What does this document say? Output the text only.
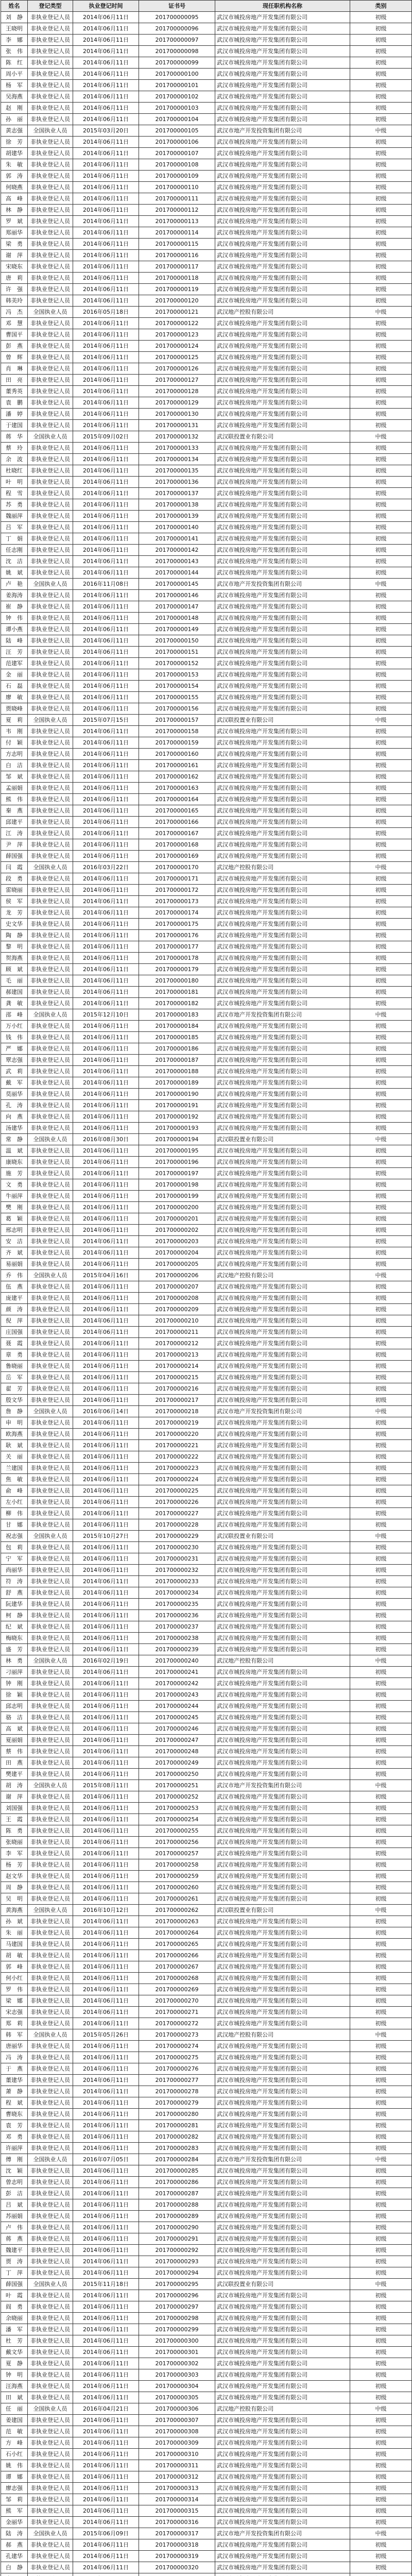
姓名	登记类型	执业登记时间	证书号	现任职机构名称	类别
刘　静	非执业登记人员	2014年06月11日	201700000095	武汉市城投房地产开发集团有限公司	初级
王晓明	非执业登记人员	2014年06月11日	201700000096	武汉市城投房地产开发集团有限公司	初级
李　娜	非执业登记人员	2014年06月11日	201700000097	武汉市城投房地产开发集团有限公司	初级
张　伟	非执业登记人员	2014年06月11日	201700000098	武汉市城投房地产开发集团有限公司	初级
陈　红	非执业登记人员	2014年06月11日	201700000099	武汉市城投房地产开发集团有限公司	初级
周小平	非执业登记人员	2014年06月11日	201700000100	武汉市城投房地产开发集团有限公司	初级
杨　军	非执业登记人员	2014年06月11日	201700000101	武汉市城投房地产开发集团有限公司	初级
吴海燕	非执业登记人员	2014年06月11日	201700000102	武汉市城投房地产开发集团有限公司	初级
赵　刚	非执业登记人员	2014年06月11日	201700000103	武汉市城投房地产开发集团有限公司	初级
孙　丽	非执业登记人员	2014年06月11日	201700000104	武汉市城投房地产开发集团有限公司	初级
黄志强	全国执业人员	2015年03月20日	201700000105	武汉市地产开发投资集团有限公司	中级
徐　芳	非执业登记人员	2014年06月11日	201700000106	武汉市城投房地产开发集团有限公司	初级
胡建华	非执业登记人员	2014年06月11日	201700000107	武汉市城投房地产开发集团有限公司	初级
朱　敏	非执业登记人员	2014年06月11日	201700000108	武汉市城投房地产开发集团有限公司	初级
郭　涛	非执业登记人员	2014年06月11日	201700000109	武汉市城投房地产开发集团有限公司	初级
何晓燕	非执业登记人员	2014年06月11日	201700000110	武汉市城投房地产开发集团有限公司	初级
高　峰	非执业登记人员	2014年06月11日	201700000111	武汉市城投房地产开发集团有限公司	初级
林　静	非执业登记人员	2014年06月11日	201700000112	武汉市城投房地产开发集团有限公司	初级
罗　斌	非执业登记人员	2014年06月11日	201700000113	武汉市城投房地产开发集团有限公司	初级
郑丽华	非执业登记人员	2014年06月11日	201700000114	武汉市城投房地产开发集团有限公司	初级
梁　勇	非执业登记人员	2014年06月11日	201700000115	武汉市城投房地产开发集团有限公司	初级
谢　萍	非执业登记人员	2014年06月11日	201700000116	武汉市城投房地产开发集团有限公司	初级
宋晓东	非执业登记人员	2014年06月11日	201700000117	武汉市城投房地产开发集团有限公司	初级
唐　莉	非执业登记人员	2014年06月11日	201700000118	武汉市城投房地产开发集团有限公司	初级
许　强	非执业登记人员	2014年06月11日	201700000119	武汉市城投房地产开发集团有限公司	初级
韩美玲	非执业登记人员	2014年06月11日	201700000120	武汉市城投房地产开发集团有限公司	初级
冯　杰	全国执业人员	2016年05月18日	201700000121	武汉地产控股有限公司	中级
邓　慧	非执业登记人员	2014年06月11日	201700000122	武汉市城投房地产开发集团有限公司	初级
曹国平	非执业登记人员	2014年06月11日	201700000123	武汉市城投房地产开发集团有限公司	初级
彭　燕	非执业登记人员	2014年06月11日	201700000124	武汉市城投房地产开发集团有限公司	初级
曾　辉	非执业登记人员	2014年06月11日	201700000125	武汉市城投房地产开发集团有限公司	初级
肖　琳	非执业登记人员	2014年06月11日	201700000126	武汉市城投房地产开发集团有限公司	初级
田　亮	非执业登记人员	2014年06月11日	201700000127	武汉市城投房地产开发集团有限公司	初级
董秀英	非执业登记人员	2014年06月11日	201700000128	武汉市城投房地产开发集团有限公司	初级
袁　鹏	非执业登记人员	2014年06月11日	201700000129	武汉市城投房地产开发集团有限公司	初级
潘　婷	非执业登记人员	2014年06月11日	201700000130	武汉市城投房地产开发集团有限公司	初级
于建国	非执业登记人员	2014年06月11日	201700000131	武汉市城投房地产开发集团有限公司	初级
蒋　华	全国执业人员	2015年09月02日	201700000132	武汉联投置业有限公司	中级
蔡　玲	非执业登记人员	2014年06月11日	201700000133	武汉市城投房地产开发集团有限公司	初级
余　波	非执业登记人员	2014年06月11日	201700000134	武汉市城投房地产开发集团有限公司	初级
杜晓红	非执业登记人员	2014年06月11日	201700000135	武汉市城投房地产开发集团有限公司	初级
叶　明	非执业登记人员	2014年06月11日	201700000136	武汉市城投房地产开发集团有限公司	初级
程　雪	非执业登记人员	2014年06月11日	201700000137	武汉市城投房地产开发集团有限公司	初级
苏　勇	非执业登记人员	2014年06月11日	201700000138	武汉市城投房地产开发集团有限公司	初级
魏丽萍	非执业登记人员	2014年06月11日	201700000139	武汉市城投房地产开发集团有限公司	初级
吕　军	非执业登记人员	2014年06月11日	201700000140	武汉市城投房地产开发集团有限公司	初级
丁　娟	非执业登记人员	2014年06月11日	201700000141	武汉市城投房地产开发集团有限公司	初级
任志刚	非执业登记人员	2014年06月11日	201700000142	武汉市城投房地产开发集团有限公司	初级
沈　洁	非执业登记人员	2014年06月11日	201700000143	武汉市城投房地产开发集团有限公司	初级
姚　斌	非执业登记人员	2014年06月11日	201700000144	武汉市城投房地产开发集团有限公司	初级
卢　艳	全国执业人员	2016年11月08日	201700000145	武汉市地产开发投资集团有限公司	中级
姜海涛	非执业登记人员	2014年06月11日	201700000146	武汉市城投房地产开发集团有限公司	初级
崔　静	非执业登记人员	2014年06月11日	201700000147	武汉市城投房地产开发集团有限公司	初级
钟　伟	非执业登记人员	2014年06月11日	201700000148	武汉市城投房地产开发集团有限公司	初级
谭小燕	非执业登记人员	2014年06月11日	201700000149	武汉市城投房地产开发集团有限公司	初级
陆　峰	非执业登记人员	2014年06月11日	201700000150	武汉市城投房地产开发集团有限公司	初级
汪　芳	非执业登记人员	2014年06月11日	201700000151	武汉市城投房地产开发集团有限公司	初级
范建军	非执业登记人员	2014年06月11日	201700000152	武汉市城投房地产开发集团有限公司	初级
金　丽	非执业登记人员	2014年06月11日	201700000153	武汉市城投房地产开发集团有限公司	初级
石　磊	非执业登记人员	2014年06月11日	201700000154	武汉市城投房地产开发集团有限公司	初级
廖　敏	非执业登记人员	2014年06月11日	201700000155	武汉市城投房地产开发集团有限公司	初级
贾晓峰	非执业登记人员	2014年06月11日	201700000156	武汉市城投房地产开发集团有限公司	初级
夏　莉	全国执业人员	2015年07月15日	201700000157	武汉联投置业有限公司	中级
韦　刚	非执业登记人员	2014年06月11日	201700000158	武汉市城投房地产开发集团有限公司	初级
付　颖	非执业登记人员	2014年06月11日	201700000159	武汉市城投房地产开发集团有限公司	初级
方志明	非执业登记人员	2014年06月11日	201700000160	武汉市城投房地产开发集团有限公司	初级
白　洁	非执业登记人员	2014年06月11日	201700000161	武汉市城投房地产开发集团有限公司	初级
邹　斌	非执业登记人员	2014年06月11日	201700000162	武汉市城投房地产开发集团有限公司	初级
孟丽娟	非执业登记人员	2014年06月11日	201700000163	武汉市城投房地产开发集团有限公司	初级
熊　伟	非执业登记人员	2014年06月11日	201700000164	武汉市城投房地产开发集团有限公司	初级
秦　燕	非执业登记人员	2014年06月11日	201700000165	武汉市城投房地产开发集团有限公司	初级
邱建平	非执业登记人员	2014年06月11日	201700000166	武汉市城投房地产开发集团有限公司	初级
江　涛	非执业登记人员	2014年06月11日	201700000167	武汉市城投房地产开发集团有限公司	初级
尹　萍	非执业登记人员	2014年06月11日	201700000168	武汉市城投房地产开发集团有限公司	初级
薛国强	非执业登记人员	2014年06月11日	201700000169	武汉市城投房地产开发集团有限公司	初级
闫　霞	全国执业人员	2016年03月22日	201700000170	武汉地产控股有限公司	中级
段　勇	非执业登记人员	2014年06月11日	201700000171	武汉市城投房地产开发集团有限公司	初级
雷晓丽	非执业登记人员	2014年06月11日	201700000172	武汉市城投房地产开发集团有限公司	初级
侯　军	非执业登记人员	2014年06月11日	201700000173	武汉市城投房地产开发集团有限公司	初级
龙　芳	非执业登记人员	2014年06月11日	201700000174	武汉市城投房地产开发集团有限公司	初级
史文华	非执业登记人员	2014年06月11日	201700000175	武汉市城投房地产开发集团有限公司	初级
陶　静	非执业登记人员	2014年06月11日	201700000176	武汉市城投房地产开发集团有限公司	初级
黎　明	非执业登记人员	2014年06月11日	201700000177	武汉市城投房地产开发集团有限公司	初级
贺海燕	非执业登记人员	2014年06月11日	201700000178	武汉市城投房地产开发集团有限公司	初级
顾　斌	非执业登记人员	2014年06月11日	201700000179	武汉市城投房地产开发集团有限公司	初级
毛　丽	非执业登记人员	2014年06月11日	201700000180	武汉市城投房地产开发集团有限公司	初级
郝建国	非执业登记人员	2014年06月11日	201700000181	武汉市城投房地产开发集团有限公司	初级
龚　敏	非执业登记人员	2014年06月11日	201700000182	武汉市城投房地产开发集团有限公司	初级
邵　峰	全国执业人员	2015年12月10日	201700000183	武汉市地产开发投资集团有限公司	中级
万小红	非执业登记人员	2014年06月11日	201700000184	武汉市城投房地产开发集团有限公司	初级
钱　伟	非执业登记人员	2014年06月11日	201700000185	武汉市城投房地产开发集团有限公司	初级
严　娜	非执业登记人员	2014年06月11日	201700000186	武汉市城投房地产开发集团有限公司	初级
覃志强	非执业登记人员	2014年06月11日	201700000187	武汉市城投房地产开发集团有限公司	初级
武　莉	非执业登记人员	2014年06月11日	201700000188	武汉市城投房地产开发集团有限公司	初级
戴　军	非执业登记人员	2014年06月11日	201700000189	武汉市城投房地产开发集团有限公司	初级
莫丽华	非执业登记人员	2014年06月11日	201700000190	武汉市城投房地产开发集团有限公司	初级
孔　涛	非执业登记人员	2014年06月11日	201700000191	武汉市城投房地产开发集团有限公司	初级
向　燕	非执业登记人员	2014年06月11日	201700000192	武汉市城投房地产开发集团有限公司	初级
汤建华	非执业登记人员	2014年06月11日	201700000193	武汉市城投房地产开发集团有限公司	初级
常　静	全国执业人员	2016年08月30日	201700000194	武汉联投置业有限公司	中级
温　斌	非执业登记人员	2014年06月11日	201700000195	武汉市城投房地产开发集团有限公司	初级
康晓东	非执业登记人员	2014年06月11日	201700000196	武汉市城投房地产开发集团有限公司	初级
施　芳	非执业登记人员	2014年06月11日	201700000197	武汉市城投房地产开发集团有限公司	初级
文　勇	非执业登记人员	2014年06月11日	201700000198	武汉市城投房地产开发集团有限公司	初级
牛丽萍	非执业登记人员	2014年06月11日	201700000199	武汉市城投房地产开发集团有限公司	初级
樊　刚	非执业登记人员	2014年06月11日	201700000200	武汉市城投房地产开发集团有限公司	初级
葛　颖	非执业登记人员	2014年06月11日	201700000201	武汉市城投房地产开发集团有限公司	初级
邢志明	非执业登记人员	2014年06月11日	201700000202	武汉市城投房地产开发集团有限公司	初级
安　洁	非执业登记人员	2014年06月11日	201700000203	武汉市城投房地产开发集团有限公司	初级
齐　斌	非执业登记人员	2014年06月11日	201700000204	武汉市城投房地产开发集团有限公司	初级
易丽娟	非执业登记人员	2014年06月11日	201700000205	武汉市城投房地产开发集团有限公司	初级
乔　伟	全国执业人员	2015年04月16日	201700000206	武汉地产控股有限公司	中级
伍　燕	非执业登记人员	2014年06月11日	201700000207	武汉市城投房地产开发集团有限公司	初级
庞建平	非执业登记人员	2014年06月11日	201700000208	武汉市城投房地产开发集团有限公司	初级
颜　涛	非执业登记人员	2014年06月11日	201700000209	武汉市城投房地产开发集团有限公司	初级
倪　萍	非执业登记人员	2014年06月11日	201700000210	武汉市城投房地产开发集团有限公司	初级
庄国强	非执业登记人员	2014年06月11日	201700000211	武汉市城投房地产开发集团有限公司	初级
聂　霞	非执业登记人员	2014年06月11日	201700000212	武汉市城投房地产开发集团有限公司	初级
章　勇	非执业登记人员	2014年06月11日	201700000213	武汉市城投房地产开发集团有限公司	初级
鲁晓丽	非执业登记人员	2014年06月11日	201700000214	武汉市城投房地产开发集团有限公司	初级
岳　军	非执业登记人员	2014年06月11日	201700000215	武汉市城投房地产开发集团有限公司	初级
翟　芳	非执业登记人员	2014年06月11日	201700000216	武汉市城投房地产开发集团有限公司	初级
殷文华	非执业登记人员	2014年06月11日	201700000217	武汉市城投房地产开发集团有限公司	初级
詹　静	全国执业人员	2016年06月14日	201700000218	武汉市地产开发投资集团有限公司	中级
申　明	非执业登记人员	2014年06月11日	201700000219	武汉市城投房地产开发集团有限公司	初级
欧海燕	非执业登记人员	2014年06月11日	201700000220	武汉市城投房地产开发集团有限公司	初级
耿　斌	非执业登记人员	2014年06月11日	201700000221	武汉市城投房地产开发集团有限公司	初级
关　丽	非执业登记人员	2014年06月11日	201700000222	武汉市城投房地产开发集团有限公司	初级
兰建国	非执业登记人员	2014年06月11日	201700000223	武汉市城投房地产开发集团有限公司	初级
焦　敏	非执业登记人员	2014年06月11日	201700000224	武汉市城投房地产开发集团有限公司	初级
俞　峰	非执业登记人员	2014年06月11日	201700000225	武汉市城投房地产开发集团有限公司	初级
左小红	非执业登记人员	2014年06月11日	201700000226	武汉市城投房地产开发集团有限公司	初级
柳　伟	非执业登记人员	2014年06月11日	201700000227	武汉市城投房地产开发集团有限公司	初级
甘　娜	非执业登记人员	2014年06月11日	201700000228	武汉市城投房地产开发集团有限公司	初级
祝志强	全国执业人员	2015年10月27日	201700000229	武汉联投置业有限公司	中级
包　莉	非执业登记人员	2014年06月11日	201700000230	武汉市城投房地产开发集团有限公司	初级
宁　军	非执业登记人员	2014年06月11日	201700000231	武汉市城投房地产开发集团有限公司	初级
尚丽华	非执业登记人员	2014年06月11日	201700000232	武汉市城投房地产开发集团有限公司	初级
符　涛	非执业登记人员	2014年06月11日	201700000233	武汉市城投房地产开发集团有限公司	初级
舒　燕	非执业登记人员	2014年06月11日	201700000234	武汉市城投房地产开发集团有限公司	初级
阮建华	非执业登记人员	2014年06月11日	201700000235	武汉市城投房地产开发集团有限公司	初级
柯　静	非执业登记人员	2014年06月11日	201700000236	武汉市城投房地产开发集团有限公司	初级
纪　斌	非执业登记人员	2014年06月11日	201700000237	武汉市城投房地产开发集团有限公司	初级
梅晓东	非执业登记人员	2014年06月11日	201700000238	武汉市城投房地产开发集团有限公司	初级
盛　芳	非执业登记人员	2014年06月11日	201700000239	武汉市城投房地产开发集团有限公司	初级
林　勇	全国执业人员	2016年02月19日	201700000240	武汉地产控股有限公司	中级
刁丽萍	非执业登记人员	2014年06月11日	201700000241	武汉市城投房地产开发集团有限公司	初级
钟　刚	非执业登记人员	2014年06月11日	201700000242	武汉市城投房地产开发集团有限公司	初级
徐　颖	非执业登记人员	2014年06月11日	201700000243	武汉市城投房地产开发集团有限公司	初级
邱志明	非执业登记人员	2014年06月11日	201700000244	武汉市城投房地产开发集团有限公司	初级
骆　洁	非执业登记人员	2014年06月11日	201700000245	武汉市城投房地产开发集团有限公司	初级
高　斌	非执业登记人员	2014年06月11日	201700000246	武汉市城投房地产开发集团有限公司	初级
夏丽娟	非执业登记人员	2014年06月11日	201700000247	武汉市城投房地产开发集团有限公司	初级
蔡　伟	非执业登记人员	2014年06月11日	201700000248	武汉市城投房地产开发集团有限公司	初级
田　燕	非执业登记人员	2014年06月11日	201700000249	武汉市城投房地产开发集团有限公司	初级
樊建平	非执业登记人员	2014年06月11日	201700000250	武汉市城投房地产开发集团有限公司	初级
胡　涛	全国执业人员	2015年08月11日	201700000251	武汉市地产开发投资集团有限公司	中级
谢　萍	非执业登记人员	2014年06月11日	201700000252	武汉市城投房地产开发集团有限公司	初级
刘国强	非执业登记人员	2014年06月11日	201700000253	武汉市城投房地产开发集团有限公司	初级
王　霞	非执业登记人员	2014年06月11日	201700000254	武汉市城投房地产开发集团有限公司	初级
陈　勇	非执业登记人员	2014年06月11日	201700000255	武汉市城投房地产开发集团有限公司	初级
张晓丽	非执业登记人员	2014年06月11日	201700000256	武汉市城投房地产开发集团有限公司	初级
李　军	非执业登记人员	2014年06月11日	201700000257	武汉市城投房地产开发集团有限公司	初级
杨　芳	非执业登记人员	2014年06月11日	201700000258	武汉市城投房地产开发集团有限公司	初级
赵文华	非执业登记人员	2014年06月11日	201700000259	武汉市城投房地产开发集团有限公司	初级
周　静	非执业登记人员	2014年06月11日	201700000260	武汉市城投房地产开发集团有限公司	初级
吴　明	非执业登记人员	2014年06月11日	201700000261	武汉市城投房地产开发集团有限公司	初级
黄海燕	全国执业人员	2016年10月12日	201700000262	武汉联投置业有限公司	中级
孙　斌	非执业登记人员	2014年06月11日	201700000263	武汉市城投房地产开发集团有限公司	初级
朱　丽	非执业登记人员	2014年06月11日	201700000264	武汉市城投房地产开发集团有限公司	初级
马建国	非执业登记人员	2014年06月11日	201700000265	武汉市城投房地产开发集团有限公司	初级
胡　敏	非执业登记人员	2014年06月11日	201700000266	武汉市城投房地产开发集团有限公司	初级
郭　峰	非执业登记人员	2014年06月11日	201700000267	武汉市城投房地产开发集团有限公司	初级
何小红	非执业登记人员	2014年06月11日	201700000268	武汉市城投房地产开发集团有限公司	初级
罗　伟	非执业登记人员	2014年06月11日	201700000269	武汉市城投房地产开发集团有限公司	初级
梁　娜	非执业登记人员	2014年06月11日	201700000270	武汉市城投房地产开发集团有限公司	初级
宋志强	非执业登记人员	2014年06月11日	201700000271	武汉市城投房地产开发集团有限公司	初级
郑　莉	非执业登记人员	2014年06月11日	201700000272	武汉市城投房地产开发集团有限公司	初级
韩　军	全国执业人员	2015年05月26日	201700000273	武汉地产控股有限公司	中级
唐丽华	非执业登记人员	2014年06月11日	201700000274	武汉市城投房地产开发集团有限公司	初级
冯　涛	非执业登记人员	2014年06月11日	201700000275	武汉市城投房地产开发集团有限公司	初级
于　燕	非执业登记人员	2014年06月11日	201700000276	武汉市城投房地产开发集团有限公司	初级
董建华	非执业登记人员	2014年06月11日	201700000277	武汉市城投房地产开发集团有限公司	初级
萧　静	非执业登记人员	2014年06月11日	201700000278	武汉市城投房地产开发集团有限公司	初级
程　斌	非执业登记人员	2014年06月11日	201700000279	武汉市城投房地产开发集团有限公司	初级
曹晓东	非执业登记人员	2014年06月11日	201700000280	武汉市城投房地产开发集团有限公司	初级
袁　芳	非执业登记人员	2014年06月11日	201700000281	武汉市城投房地产开发集团有限公司	初级
邓　勇	非执业登记人员	2014年06月11日	201700000282	武汉市城投房地产开发集团有限公司	初级
许丽萍	非执业登记人员	2014年06月11日	201700000283	武汉市城投房地产开发集团有限公司	初级
傅　刚	全国执业人员	2016年07月05日	201700000284	武汉市地产开发投资集团有限公司	中级
沈　颖	非执业登记人员	2014年06月11日	201700000285	武汉市城投房地产开发集团有限公司	初级
曾志明	非执业登记人员	2014年06月11日	201700000286	武汉市城投房地产开发集团有限公司	初级
彭　洁	非执业登记人员	2014年06月11日	201700000287	武汉市城投房地产开发集团有限公司	初级
吕　斌	非执业登记人员	2014年06月11日	201700000288	武汉市城投房地产开发集团有限公司	初级
苏丽娟	非执业登记人员	2014年06月11日	201700000289	武汉市城投房地产开发集团有限公司	初级
卢　伟	非执业登记人员	2014年06月11日	201700000290	武汉市城投房地产开发集团有限公司	初级
蒋　燕	非执业登记人员	2014年06月11日	201700000291	武汉市城投房地产开发集团有限公司	初级
魏建平	非执业登记人员	2014年06月11日	201700000292	武汉市城投房地产开发集团有限公司	初级
贾　涛	非执业登记人员	2014年06月11日	201700000293	武汉市城投房地产开发集团有限公司	初级
丁　萍	非执业登记人员	2014年06月11日	201700000294	武汉市城投房地产开发集团有限公司	初级
薛国强	全国执业人员	2015年11月18日	201700000295	武汉联投置业有限公司	中级
叶　霞	非执业登记人员	2014年06月11日	201700000296	武汉市城投房地产开发集团有限公司	初级
阎　勇	非执业登记人员	2014年06月11日	201700000297	武汉市城投房地产开发集团有限公司	初级
余晓丽	非执业登记人员	2014年06月11日	201700000298	武汉市城投房地产开发集团有限公司	初级
潘　军	非执业登记人员	2014年06月11日	201700000299	武汉市城投房地产开发集团有限公司	初级
杜　芳	非执业登记人员	2014年06月11日	201700000300	武汉市城投房地产开发集团有限公司	初级
戴文华	非执业登记人员	2014年06月11日	201700000301	武汉市城投房地产开发集团有限公司	初级
夏　静	非执业登记人员	2014年06月11日	201700000302	武汉市城投房地产开发集团有限公司	初级
钟　明	非执业登记人员	2014年06月11日	201700000303	武汉市城投房地产开发集团有限公司	初级
汪海燕	非执业登记人员	2014年06月11日	201700000304	武汉市城投房地产开发集团有限公司	初级
田　斌	非执业登记人员	2014年06月11日	201700000305	武汉市城投房地产开发集团有限公司	初级
任　丽	全国执业人员	2016年04月21日	201700000306	武汉地产控股有限公司	中级
姜建国	非执业登记人员	2014年06月11日	201700000307	武汉市城投房地产开发集团有限公司	初级
范　敏	非执业登记人员	2014年06月11日	201700000308	武汉市城投房地产开发集团有限公司	初级
方　峰	非执业登记人员	2014年06月11日	201700000309	武汉市城投房地产开发集团有限公司	初级
石小红	非执业登记人员	2014年06月11日	201700000310	武汉市城投房地产开发集团有限公司	初级
姚　伟	非执业登记人员	2014年06月11日	201700000311	武汉市城投房地产开发集团有限公司	初级
谭　娜	非执业登记人员	2014年06月11日	201700000312	武汉市城投房地产开发集团有限公司	初级
廖志强	非执业登记人员	2014年06月11日	201700000313	武汉市城投房地产开发集团有限公司	初级
邹　莉	非执业登记人员	2014年06月11日	201700000314	武汉市城投房地产开发集团有限公司	初级
熊　军	非执业登记人员	2014年06月11日	201700000315	武汉市城投房地产开发集团有限公司	初级
金丽华	非执业登记人员	2014年06月11日	201700000316	武汉市城投房地产开发集团有限公司	初级
陆　涛	全国执业人员	2015年06月09日	201700000317	武汉市地产开发投资集团有限公司	中级
郝　燕	非执业登记人员	2014年06月11日	201700000318	武汉市城投房地产开发集团有限公司	初级
孔建华	非执业登记人员	2014年06月11日	201700000319	武汉市城投房地产开发集团有限公司	初级
白　静	非执业登记人员	2014年06月11日	201700000320	武汉市城投房地产开发集团有限公司	初级
